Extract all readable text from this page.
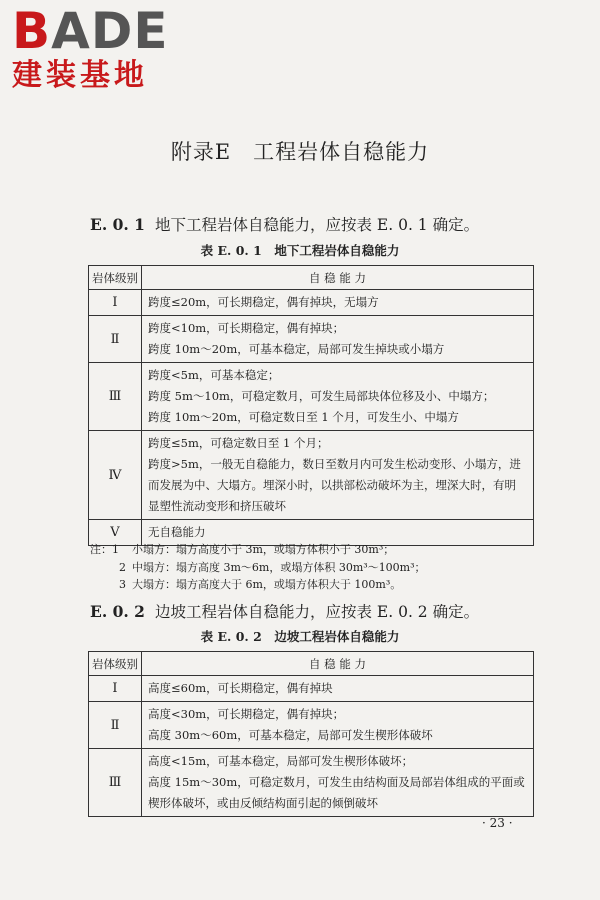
BADE
建装基地
附录E　工程岩体自稳能力
E. 0. 1 地下工程岩体自稳能力，应按表 E. 0. 1 确定。
表 E. 0. 1　地下工程岩体自稳能力
岩体级别	自 稳 能 力
Ⅰ	跨度≤20m，可长期稳定，偶有掉块，无塌方

Ⅱ	跨度<10m，可长期稳定，偶有掉块；
跨度 10m～20m，可基本稳定，局部可发生掉块或小塌方

Ⅲ	跨度<5m，可基本稳定；
跨度 5m～10m，可稳定数月，可发生局部块体位移及小、中塌方；
跨度 10m～20m，可稳定数日至 1 个月，可发生小、中塌方

Ⅳ	跨度≤5m，可稳定数日至 1 个月；
跨度>5m，一般无自稳能力，数日至数月内可发生松动变形、小塌方，进而发展为中、大塌方。埋深小时，以拱部松动破坏为主，埋深大时，有明显塑性流动变形和挤压破坏

Ⅴ	无自稳能力
注：1 小塌方：塌方高度小于 3m，或塌方体积小于 30m³；
2 中塌方：塌方高度 3m～6m，或塌方体积 30m³～100m³；
3 大塌方：塌方高度大于 6m，或塌方体积大于 100m³。
E. 0. 2 边坡工程岩体自稳能力，应按表 E. 0. 2 确定。
表 E. 0. 2　边坡工程岩体自稳能力
岩体级别	自 稳 能 力
Ⅰ	高度≤60m，可长期稳定，偶有掉块

Ⅱ	高度<30m，可长期稳定，偶有掉块；
高度 30m～60m，可基本稳定，局部可发生楔形体破坏

Ⅲ	高度<15m，可基本稳定，局部可发生楔形体破坏；
高度 15m～30m，可稳定数月，可发生由结构面及局部岩体组成的平面或楔形体破坏，或由反倾结构面引起的倾倒破坏
· 23 ·
